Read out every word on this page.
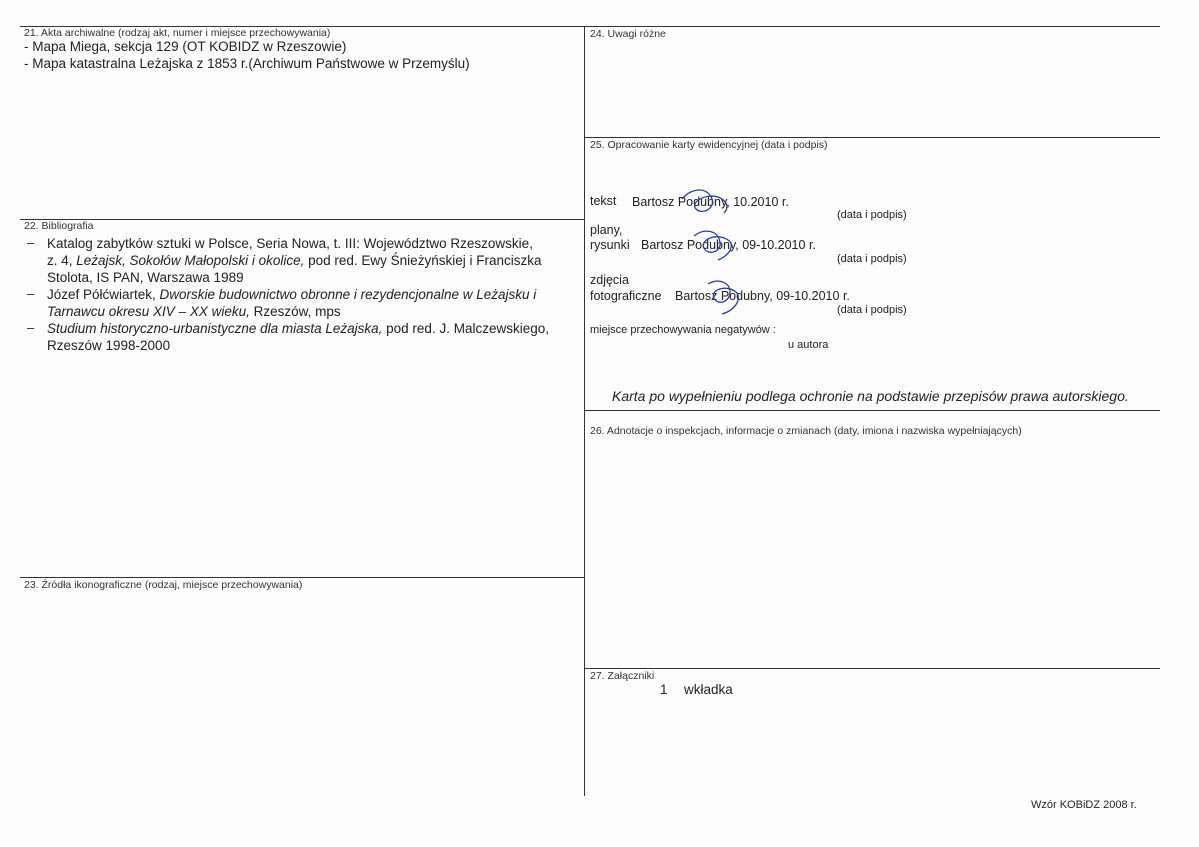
21. Akta archiwalne (rodzaj akt, numer i miejsce przechowywania)
- Mapa Miega, sekcja 129 (OT KOBIDZ w Rzeszowie)
- Mapa katastralna Leżajska z 1853 r.(Archiwum Państwowe w Przemyślu)
22. Bibliografia
– Katalog zabytków sztuki w Polsce, Seria Nowa, t. III: Województwo Rzeszowskie,

z. 4, Leżajsk, Sokołów Małopolski i okolice, pod red. Ewy Śnieżyńskiej i Franciszka

Stolota, IS PAN, Warszawa 1989

– Józef Półćwiartek, Dworskie budownictwo obronne i rezydencjonalne w Leżajsku i

Tarnawcu okresu XIV – XX wieku, Rzeszów, mps

– Studium historyczno-urbanistyczne dla miasta Leżajska, pod red. J. Malczewskiego,

Rzeszów 1998-2000

23. Źródła ikonograficzne (rodzaj, miejsce przechowywania)
24. Uwagi różne
25. Opracowanie karty ewidencyjnej (data i podpis)
tekst Bartosz Podubny, 10.2010 r.
(data i podpis)
plany,
rysunki Bartosz Podubny, 09-10.2010 r.
(data i podpis)
zdjęcia
fotograficzne Bartosz Podubny, 09-10.2010 r.
(data i podpis)
miejsce przechowywania negatywów :
u autora
Karta po wypełnieniu podlega ochronie na podstawie przepisów prawa autorskiego.
26. Adnotacje o inspekcjach, informacje o zmianach (daty, imiona i nazwiska wypełniających)
27. Załączniki
1 wkładka
Wzór KOBiDZ 2008 r.
